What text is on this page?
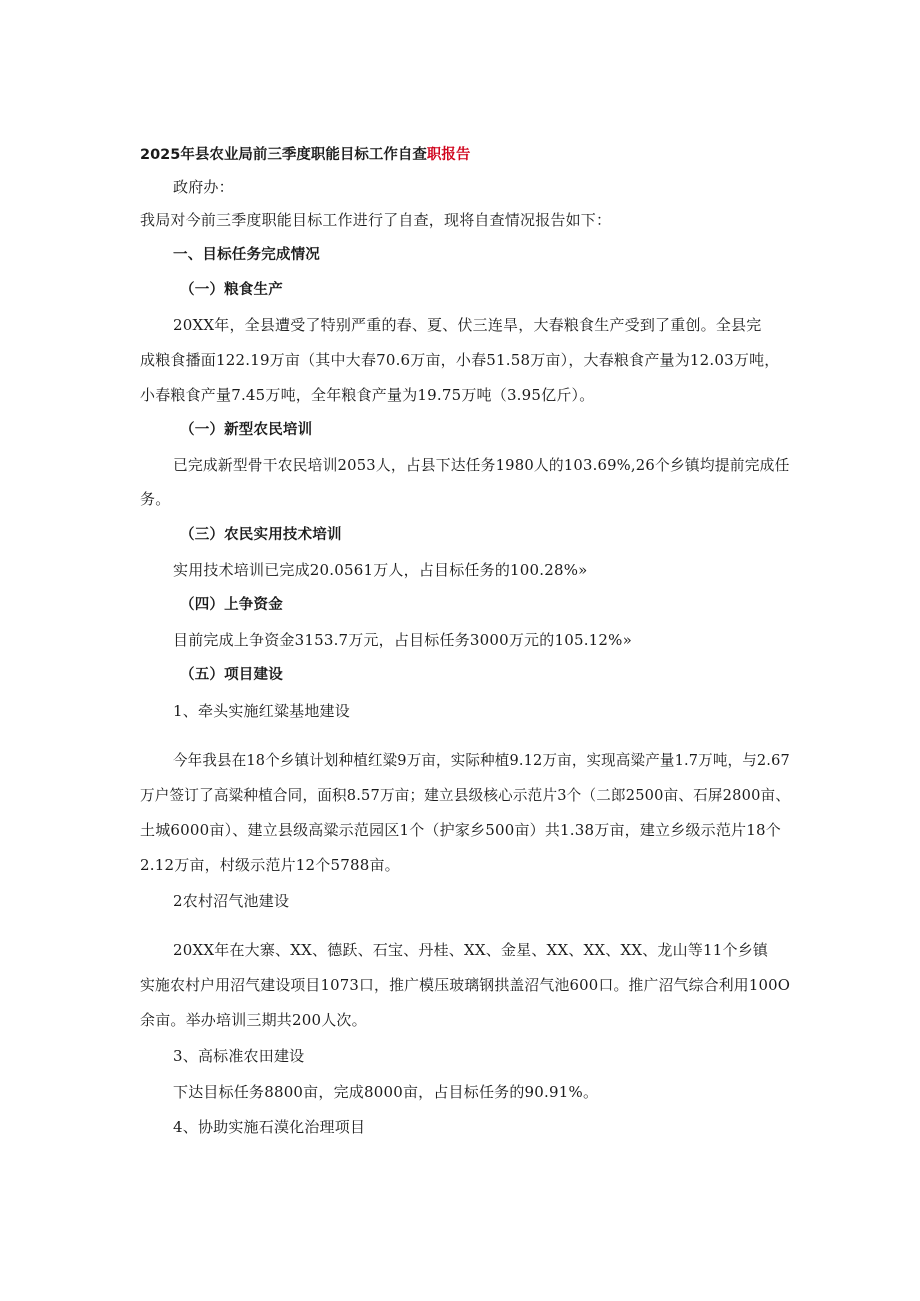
2025年县农业局前三季度职能目标工作自查职报告
政府办：
我局对今前三季度职能目标工作进行了自查，现将自查情况报告如下：
一、目标任务完成情况
（一）粮食生产
20XX年，全县遭受了特别严重的春、夏、伏三连旱，大春粮食生产受到了重创。全县完
成粮食播面122.19万亩（其中大春70.6万亩，小春51.58万亩），大春粮食产量为12.03万吨，
小春粮食产量7.45万吨，全年粮食产量为19.75万吨（3.95亿斤）。
（一）新型农民培训
已完成新型骨干农民培训2053人，占县下达任务1980人的103.69%,26个乡镇均提前完成任
务。
（三）农民实用技术培训
实用技术培训已完成20.0561万人，占目标任务的100.28%»
（四）上争资金
目前完成上争资金3153.7万元，占目标任务3000万元的105.12%»
（五）项目建设
1、牵头实施红粱基地建设
今年我县在18个乡镇计划种植红粱9万亩，实际种植9.12万亩，实现高粱产量1.7万吨，与2.67
万户签订了高粱种植合同，面积8.57万亩；建立县级核心示范片3个（二郎2500亩、石屏2800亩、
土城6000亩）、建立县级高粱示范园区1个（护家乡500亩）共1.38万亩，建立乡级示范片18个
2.12万亩，村级示范片12个5788亩。
2农村沼气池建设
20XX年在大寨、XX、德跃、石宝、丹桂、XX、金星、XX、XX、XX、龙山等11个乡镇
实施农村户用沼气建设项目1073口，推广模压玻璃钢拱盖沼气池600口。推广沼气综合利用100O
余亩。举办培训三期共200人次。
3、高标准农田建设
下达目标任务8800亩，完成8000亩，占目标任务的90.91%。
4、协助实施石漠化治理项目
